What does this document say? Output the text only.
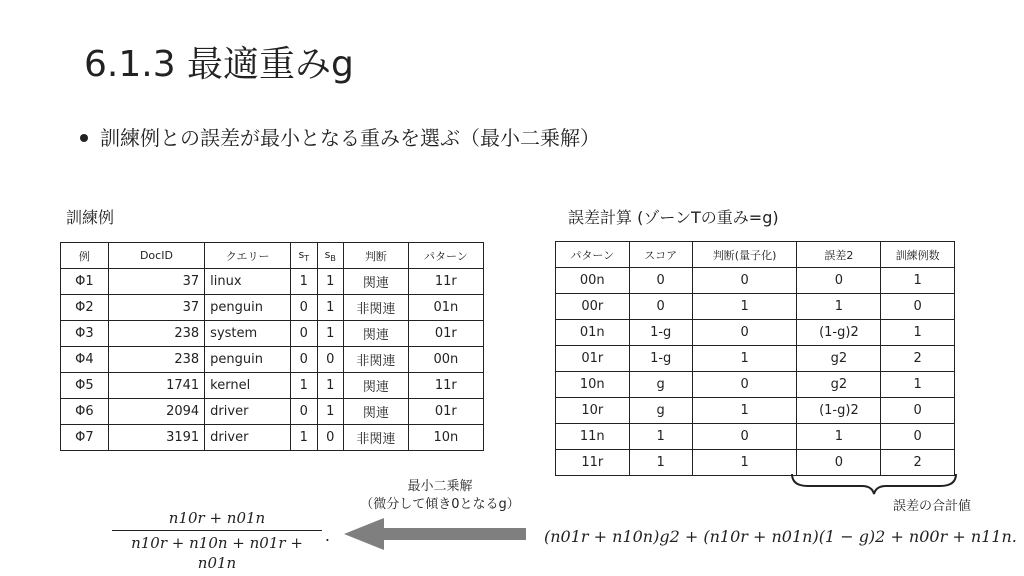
6.1.3 最適重みg
訓練例との誤差が最小となる重みを選ぶ（最小二乗解）
訓練例	誤差計算 (ゾーンTの重み=g)
例	DocID	クエリー	$s_T$	$s_B$	判断	パターン
Φ1	37	linux	1	1	関連	11r
Φ2	37	penguin	0	1	非関連	01n
Φ3	238	system	0	1	関連	01r
Φ4	238	penguin	0	0	非関連	00n
Φ5	1741	kernel	1	1	関連	11r
Φ6	2094	driver	0	1	関連	01r
Φ7	3191	driver	1	0	非関連	10n
パターン	スコア	判断(量子化)	誤差2	訓練例数
00n	0	0	0	1
00r	0	1	1	0
01n	1-g	0	(1-g)2	1
01r	1-g	1	g2	2
10n	g	0	g2	1
10r	g	1	(1-g)2	0
11n	1	0	1	0
11r	1	1	0	2
最小二乗解
（微分して傾き0となるg）	誤差の合計値
n10r + n01n
n10r + n10n + n01r + n01n
.	(n01r + n10n)g2 + (n10r + n01n)(1 − g)2 + n00r + n11n.
